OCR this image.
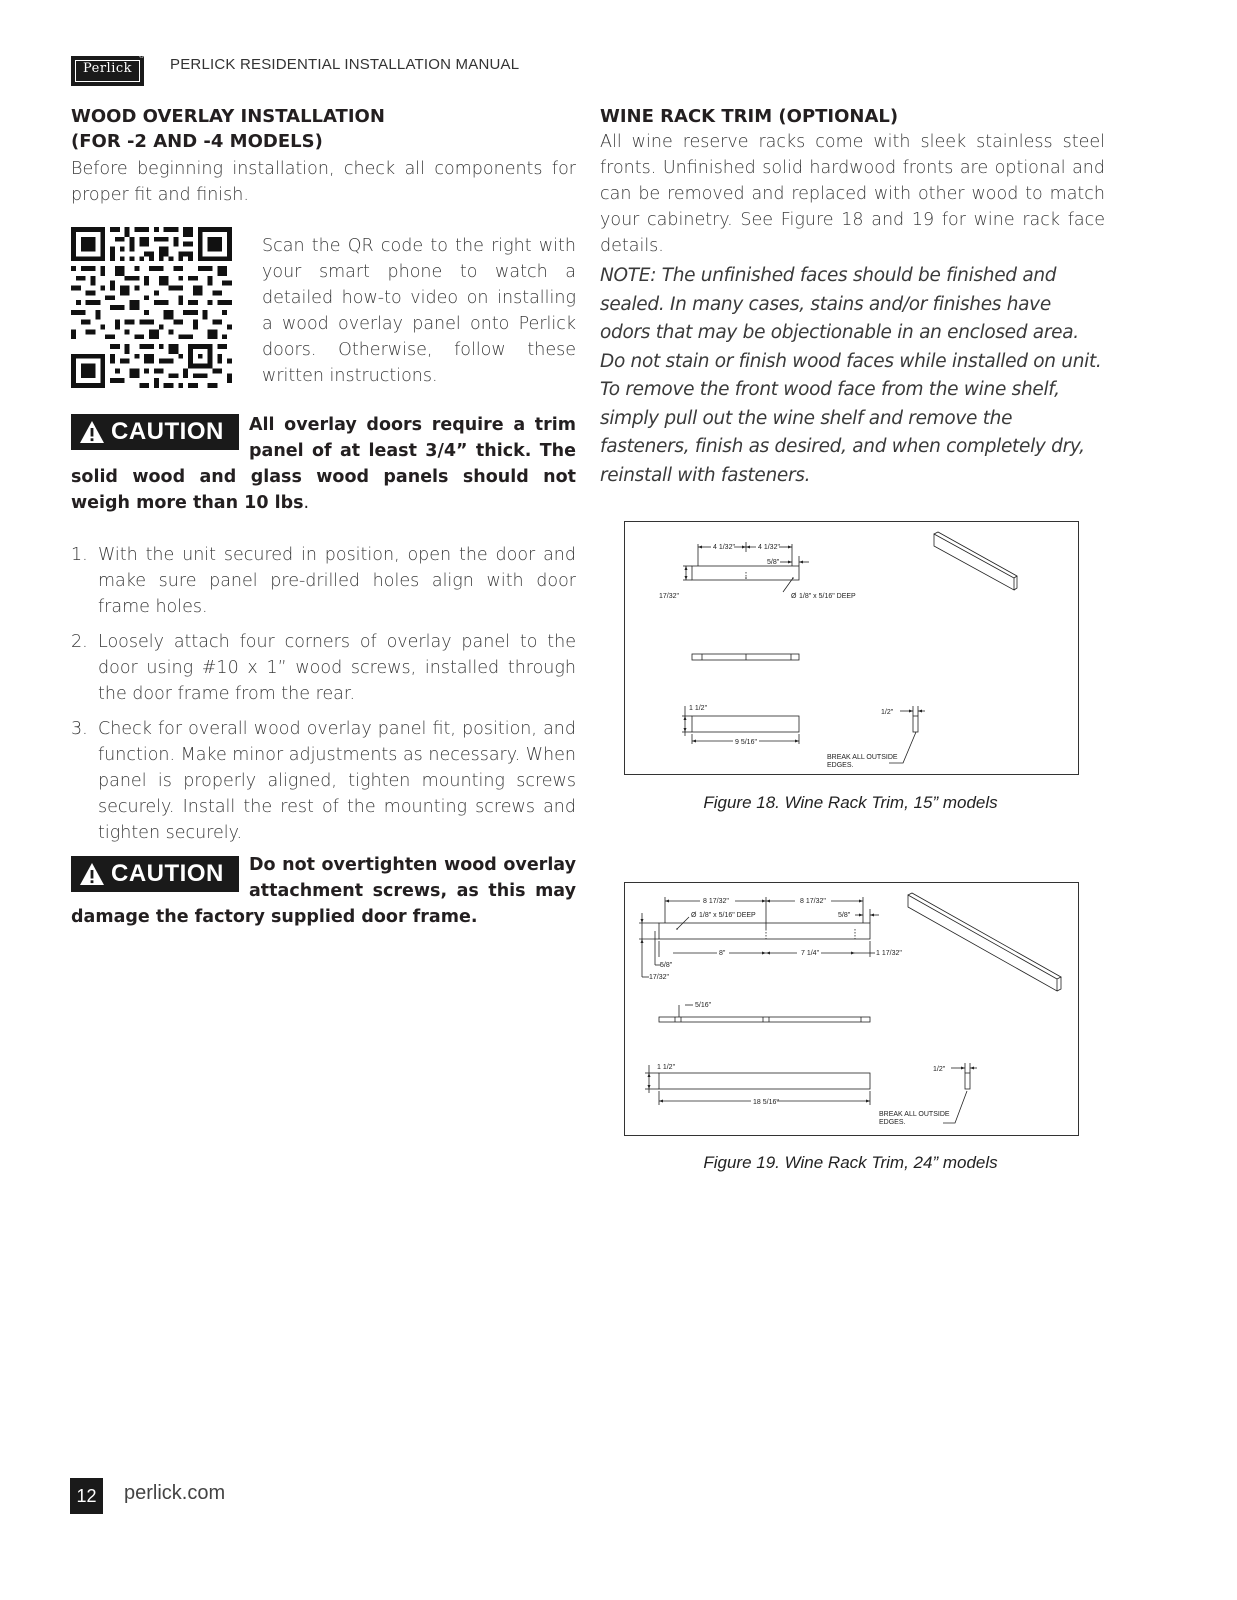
Perlick
® PERLICK RESIDENTIAL INSTALLATION MANUAL
WOOD OVERLAY INSTALLATION
(FOR -2 AND -4 MODELS)
Before beginning installation, check all components for proper fit and finish.
Scan the QR code to the right with your smart phone to watch a detailed how-to video on installing a wood overlay panel onto Perlick doors. Otherwise, follow these written instructions.
CAUTION	All overlay doors require a trim panel of at least 3/4” thick. The solid wood and glass wood panels should not weigh more than 10 lbs.
1. With the unit secured in position, open the door and make sure panel pre-drilled holes align with door frame holes.
2. Loosely attach four corners of overlay panel to the door using #10 x 1” wood screws, installed through the door frame from the rear.
3. Check for overall wood overlay panel fit, position, and function. Make minor adjustments as necessary. When panel is properly aligned, tighten mounting screws securely. Install the rest of the mounting screws and tighten securely.
CAUTION	Do not overtighten wood overlay attachment screws, as this may damage the factory supplied door frame.
WINE RACK TRIM (OPTIONAL)
All wine reserve racks come with sleek stainless steel fronts. Unfinished solid hardwood fronts are optional and can be removed and replaced with other wood to match your cabinetry. See Figure 18 and 19 for wine rack face details.
NOTE: The unfinished faces should be finished and sealed. In many cases, stains and/or finishes have odors that may be objectionable in an enclosed area. Do not stain or finish wood faces while installed on unit. To remove the front wood face from the wine shelf, simply pull out the wine shelf and remove the fasteners, finish as desired, and when completely dry, reinstall with fasteners.
4 1/32"	4 1/32"
5/8"
17/32"	Ø 1/8" x 5/16" DEEP
1 1/2"
9 5/16"
1/2"
BREAK ALL OUTSIDE
EDGES.
Figure 18. Wine Rack Trim, 15” models
8 17/32"	8 17/32"
Ø 1/8" x 5/16" DEEP	5/8"
8"	7 1/4"	1 17/32"
5/8"
17/32"
5/16"
1 1/2"
18 5/16"
1/2"
BREAK ALL OUTSIDE
EDGES.
Figure 19. Wine Rack Trim, 24” models
12	perlick.com
